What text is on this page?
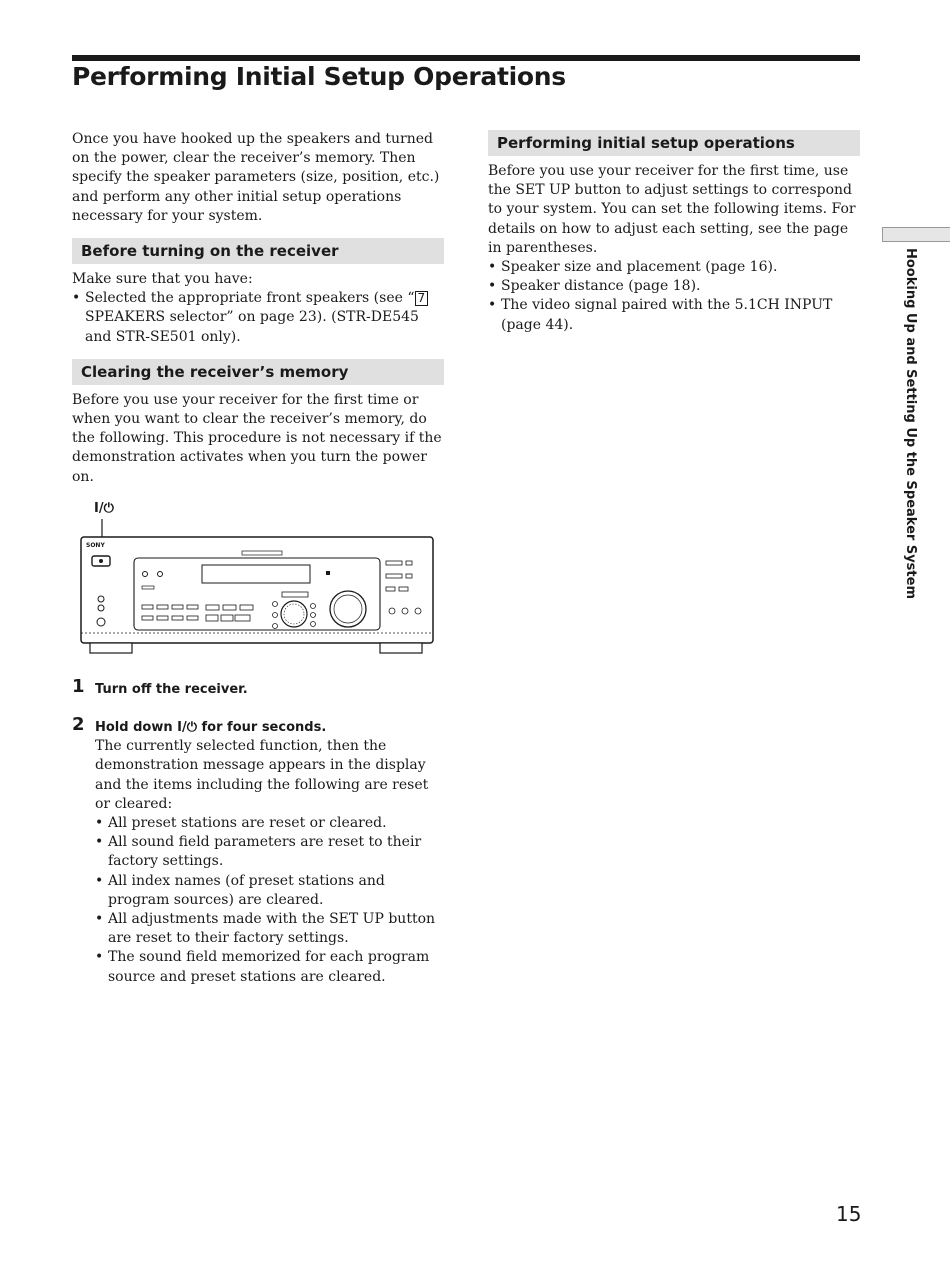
Performing Initial Setup Operations

Once you have hooked up the speakers and turned on the power, clear the receiver’s memory. Then specify the speaker parameters (size, position, etc.) and perform any other initial setup operations necessary for your system.

Before turning on the receiver

Make sure that you have:

• Selected the appropriate front speakers (see “ 7 SPEAKERS selector” on page 23). (STR-DE545 and STR-SE501 only).
Clearing the receiver’s memory

Before you use your receiver for the first time or when you want to clear the receiver’s memory, do the following. This procedure is not necessary if the demonstration activates when you turn the power on.

I/⏻
SONY
1 Turn off the receiver.

2 Hold down I/⏻ for four seconds.

The currently selected function, then the demonstration message appears in the display and the items including the following are reset or cleared:

• All preset stations are reset or cleared.
• All sound field parameters are reset to their factory settings.
• All index names (of preset stations and program sources) are cleared.
• All adjustments made with the SET UP button are reset to their factory settings.
• The sound field memorized for each program source and preset stations are cleared.
Performing initial setup operations

Before you use your receiver for the first time, use the SET UP button to adjust settings to correspond to your system. You can set the following items. For details on how to adjust each setting, see the page in parentheses.

• Speaker size and placement (page 16).
• Speaker distance (page 18).
• The video signal paired with the 5.1CH INPUT (page 44).	Hooking Up and Setting Up the Speaker System
15
